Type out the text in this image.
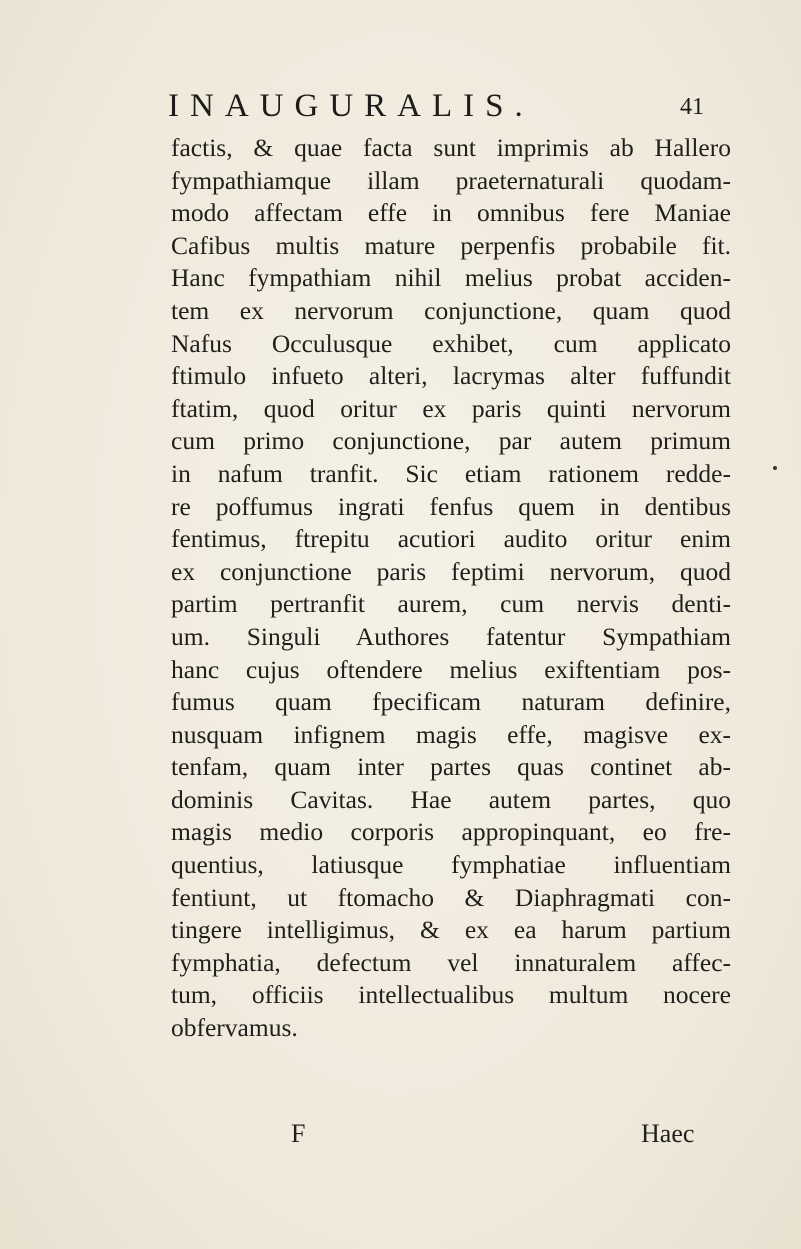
INAUGURALIS.	41
factis, & quae facta sunt imprimis ab Hallero
fympathiamque illam praeternaturali quodam-
modo affectam effe in omnibus fere Maniae
Cafibus multis mature perpenfis probabile fit.
Hanc fympathiam nihil melius probat acciden-
tem ex nervorum conjunctione, quam quod
Nafus Occulusque exhibet, cum applicato
ftimulo infueto alteri, lacrymas alter fuffundit
ftatim, quod oritur ex paris quinti nervorum
cum primo conjunctione, par autem primum
in nafum tranfit. Sic etiam rationem redde-
re poffumus ingrati fenfus quem in dentibus
fentimus, ftrepitu acutiori audito oritur enim
ex conjunctione paris feptimi nervorum, quod
partim pertranfit aurem, cum nervis denti-
um. Singuli Authores fatentur Sympathiam
hanc cujus oftendere melius exiftentiam pos-
fumus quam fpecificam naturam definire,
nusquam infignem magis effe, magisve ex-
tenfam, quam inter partes quas continet ab-
dominis Cavitas. Hae autem partes, quo
magis medio corporis appropinquant, eo fre-
quentius, latiusque fymphatiae influentiam
fentiunt, ut ftomacho & Diaphragmati con-
tingere intelligimus, & ex ea harum partium
fymphatia, defectum vel innaturalem affec-
tum, officiis intellectualibus multum nocere
obfervamus.
F	Haec
